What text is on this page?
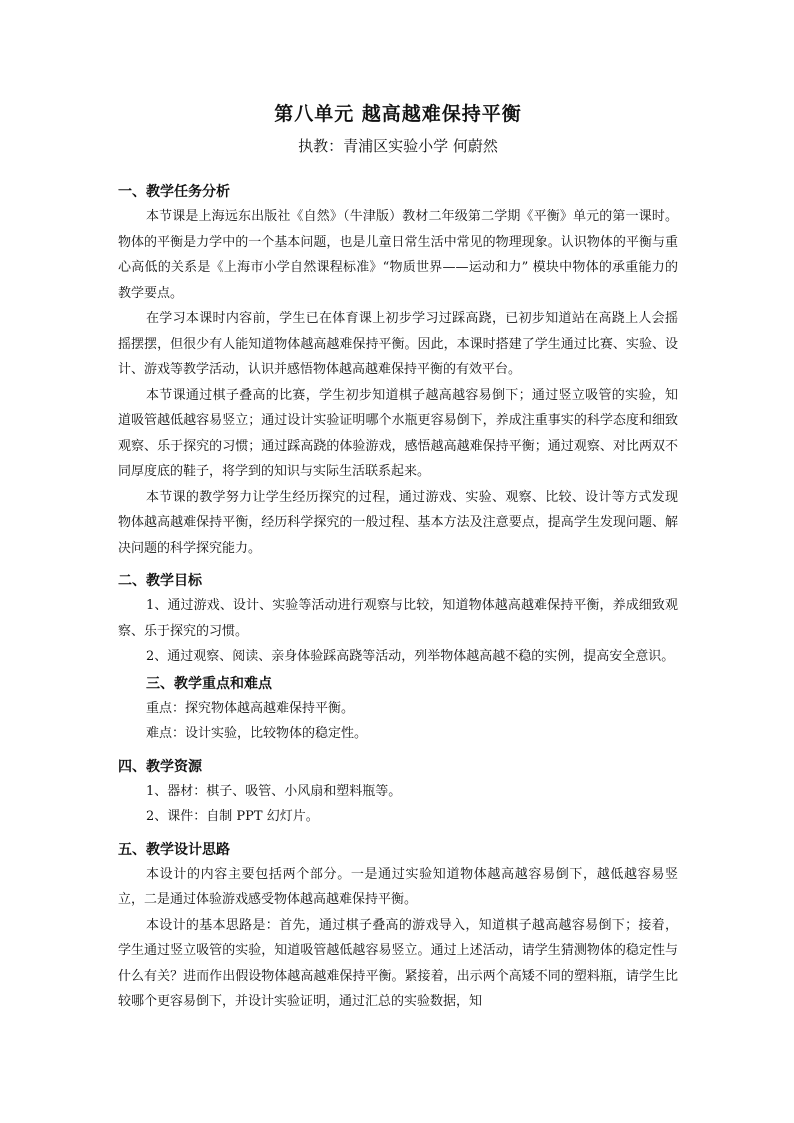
第八单元 越高越难保持平衡
执教：青浦区实验小学 何蔚然
一、教学任务分析

本节课是上海远东出版社《自然》（牛津版）教材二年级第二学期《平衡》单元的第一课时。物体的平衡是力学中的一个基本问题，也是儿童日常生活中常见的物理现象。认识物体的平衡与重心高低的关系是《上海市小学自然课程标准》“物质世界——运动和力” 模块中物体的承重能力的教学要点。

在学习本课时内容前，学生已在体育课上初步学习过踩高跷，已初步知道站在高跷上人会摇摇摆摆，但很少有人能知道物体越高越难保持平衡。因此，本课时搭建了学生通过比赛、实验、设计、游戏等教学活动，认识并感悟物体越高越难保持平衡的有效平台。

本节课通过棋子叠高的比赛，学生初步知道棋子越高越容易倒下；通过竖立吸管的实验，知道吸管越低越容易竖立；通过设计实验证明哪个水瓶更容易倒下，养成注重事实的科学态度和细致观察、乐于探究的习惯；通过踩高跷的体验游戏，感悟越高越难保持平衡；通过观察、对比两双不同厚度底的鞋子，将学到的知识与实际生活联系起来。

本节课的教学努力让学生经历探究的过程，通过游戏、实验、观察、比较、设计等方式发现物体越高越难保持平衡，经历科学探究的一般过程、基本方法及注意要点，提高学生发现问题、解决问题的科学探究能力。

二、教学目标

1、通过游戏、设计、实验等活动进行观察与比较，知道物体越高越难保持平衡，养成细致观察、乐于探究的习惯。

2、通过观察、阅读、亲身体验踩高跷等活动，列举物体越高越不稳的实例，提高安全意识。

三、教学重点和难点

重点：探究物体越高越难保持平衡。

难点：设计实验，比较物体的稳定性。

四、教学资源

1、器材：棋子、吸管、小风扇和塑料瓶等。

2、课件：自制 PPT 幻灯片。

五、教学设计思路

本设计的内容主要包括两个部分。一是通过实验知道物体越高越容易倒下，越低越容易竖立，二是通过体验游戏感受物体越高越难保持平衡。

本设计的基本思路是：首先，通过棋子叠高的游戏导入，知道棋子越高越容易倒下；接着，学生通过竖立吸管的实验，知道吸管越低越容易竖立。通过上述活动，请学生猜测物体的稳定性与什么有关？进而作出假设物体越高越难保持平衡。紧接着，出示两个高矮不同的塑料瓶，请学生比较哪个更容易倒下，并设计实验证明，通过汇总的实验数据，知
